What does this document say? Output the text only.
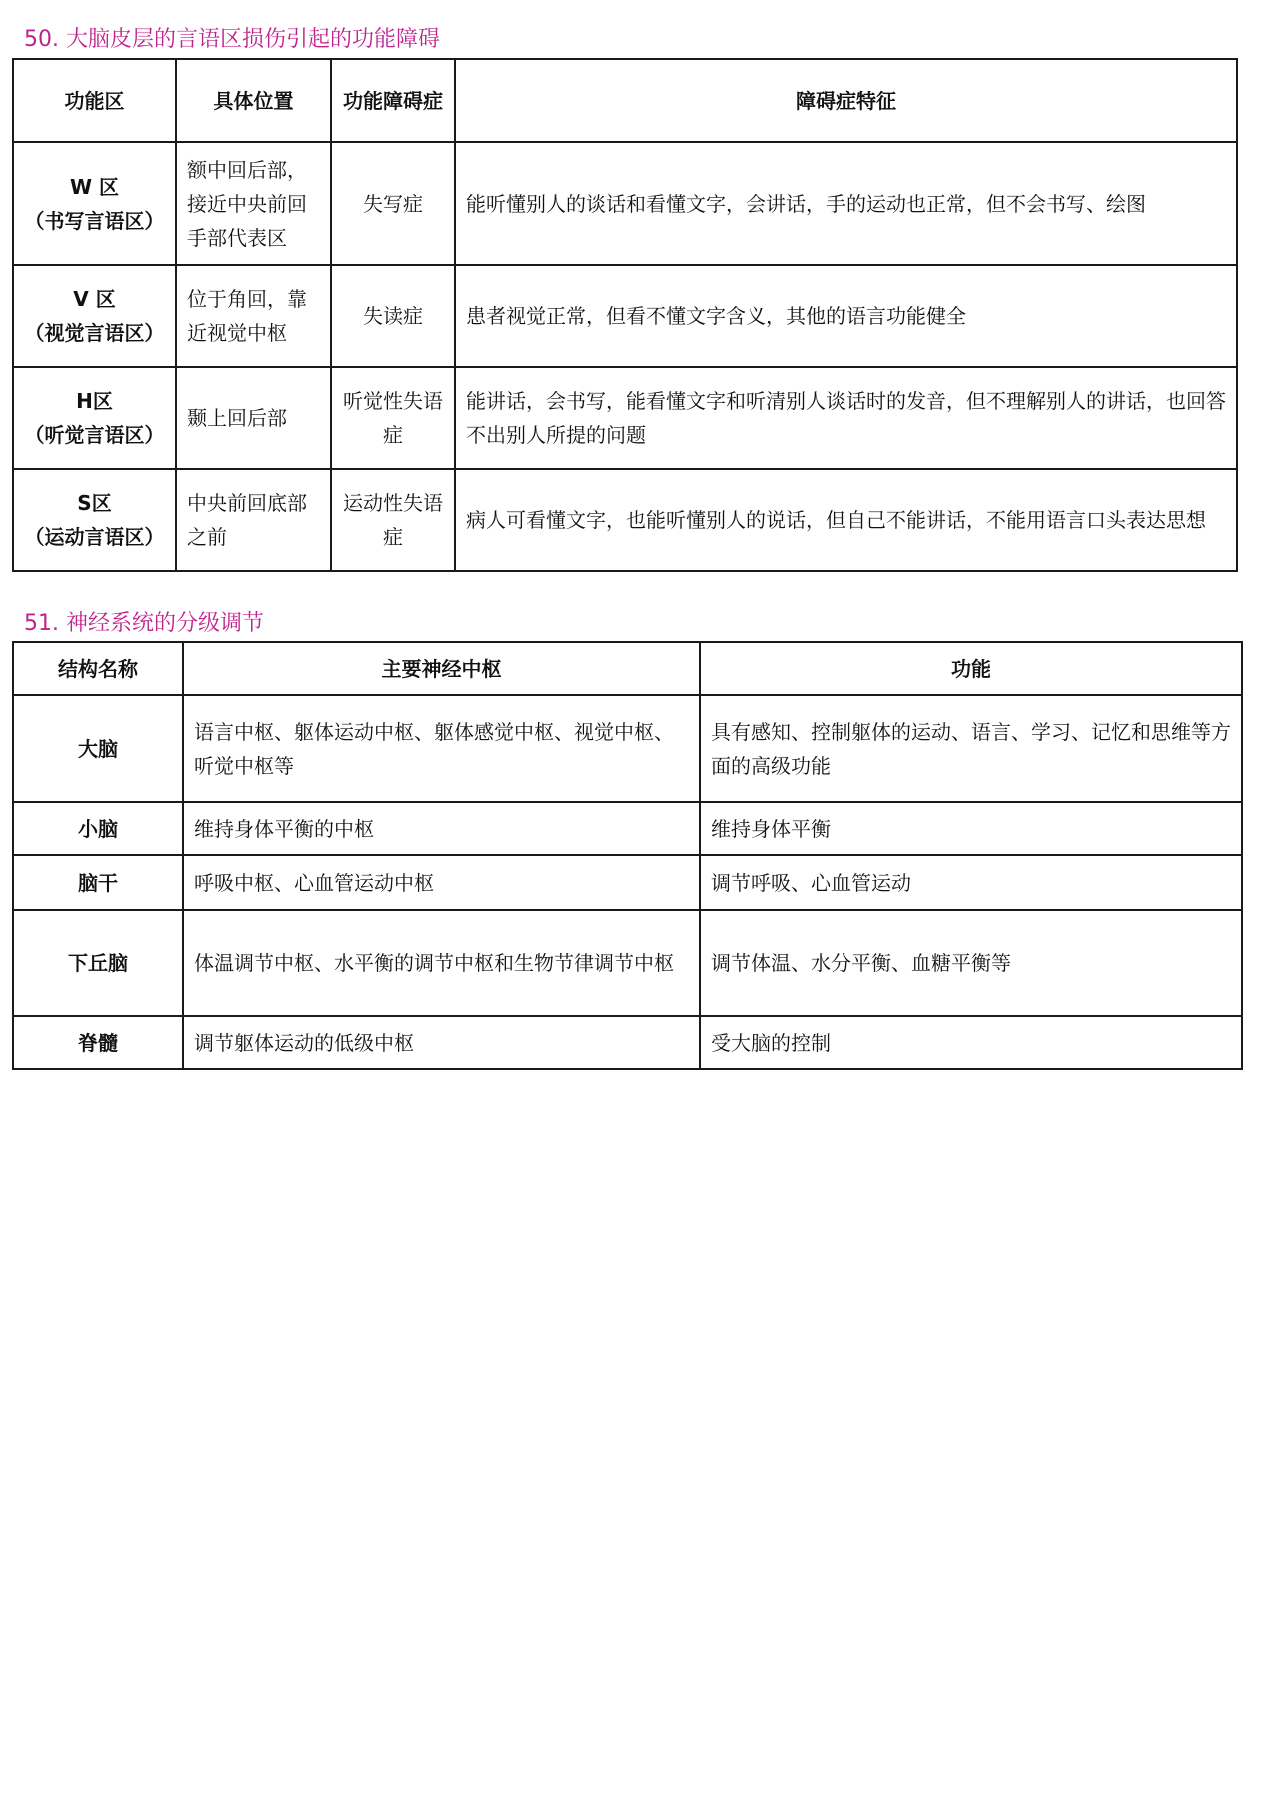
50. 大脑皮层的言语区损伤引起的功能障碍
功能区	具体位置	功能障碍症	障碍症特征

W 区
（书写言语区）	额中回后部，接近中央前回手部代表区	失写症	能听懂别人的谈话和看懂文字，会讲话，手的运动也正常，但不会书写、绘图

V 区
（视觉言语区）	位于角回，靠近视觉中枢	失读症	患者视觉正常，但看不懂文字含义，其他的语言功能健全

H区
（听觉言语区）	颞上回后部	听觉性失语症	能讲话，会书写，能看懂文字和听清别人谈话时的发音，但不理解别人的讲话，也回答不出别人所提的问题

S区
（运动言语区）	中央前回底部之前	运动性失语症	病人可看懂文字，也能听懂别人的说话，但自己不能讲话，不能用语言口头表达思想
51. 神经系统的分级调节
结构名称	主要神经中枢	功能
大脑	语言中枢、躯体运动中枢、躯体感觉中枢、视觉中枢、听觉中枢等	具有感知、控制躯体的运动、语言、学习、记忆和思维等方面的高级功能
小脑	维持身体平衡的中枢	维持身体平衡
脑干	呼吸中枢、心血管运动中枢	调节呼吸、心血管运动
下丘脑	体温调节中枢、水平衡的调节中枢和生物节律调节中枢	调节体温、水分平衡、血糖平衡等
脊髓	调节躯体运动的低级中枢	受大脑的控制
